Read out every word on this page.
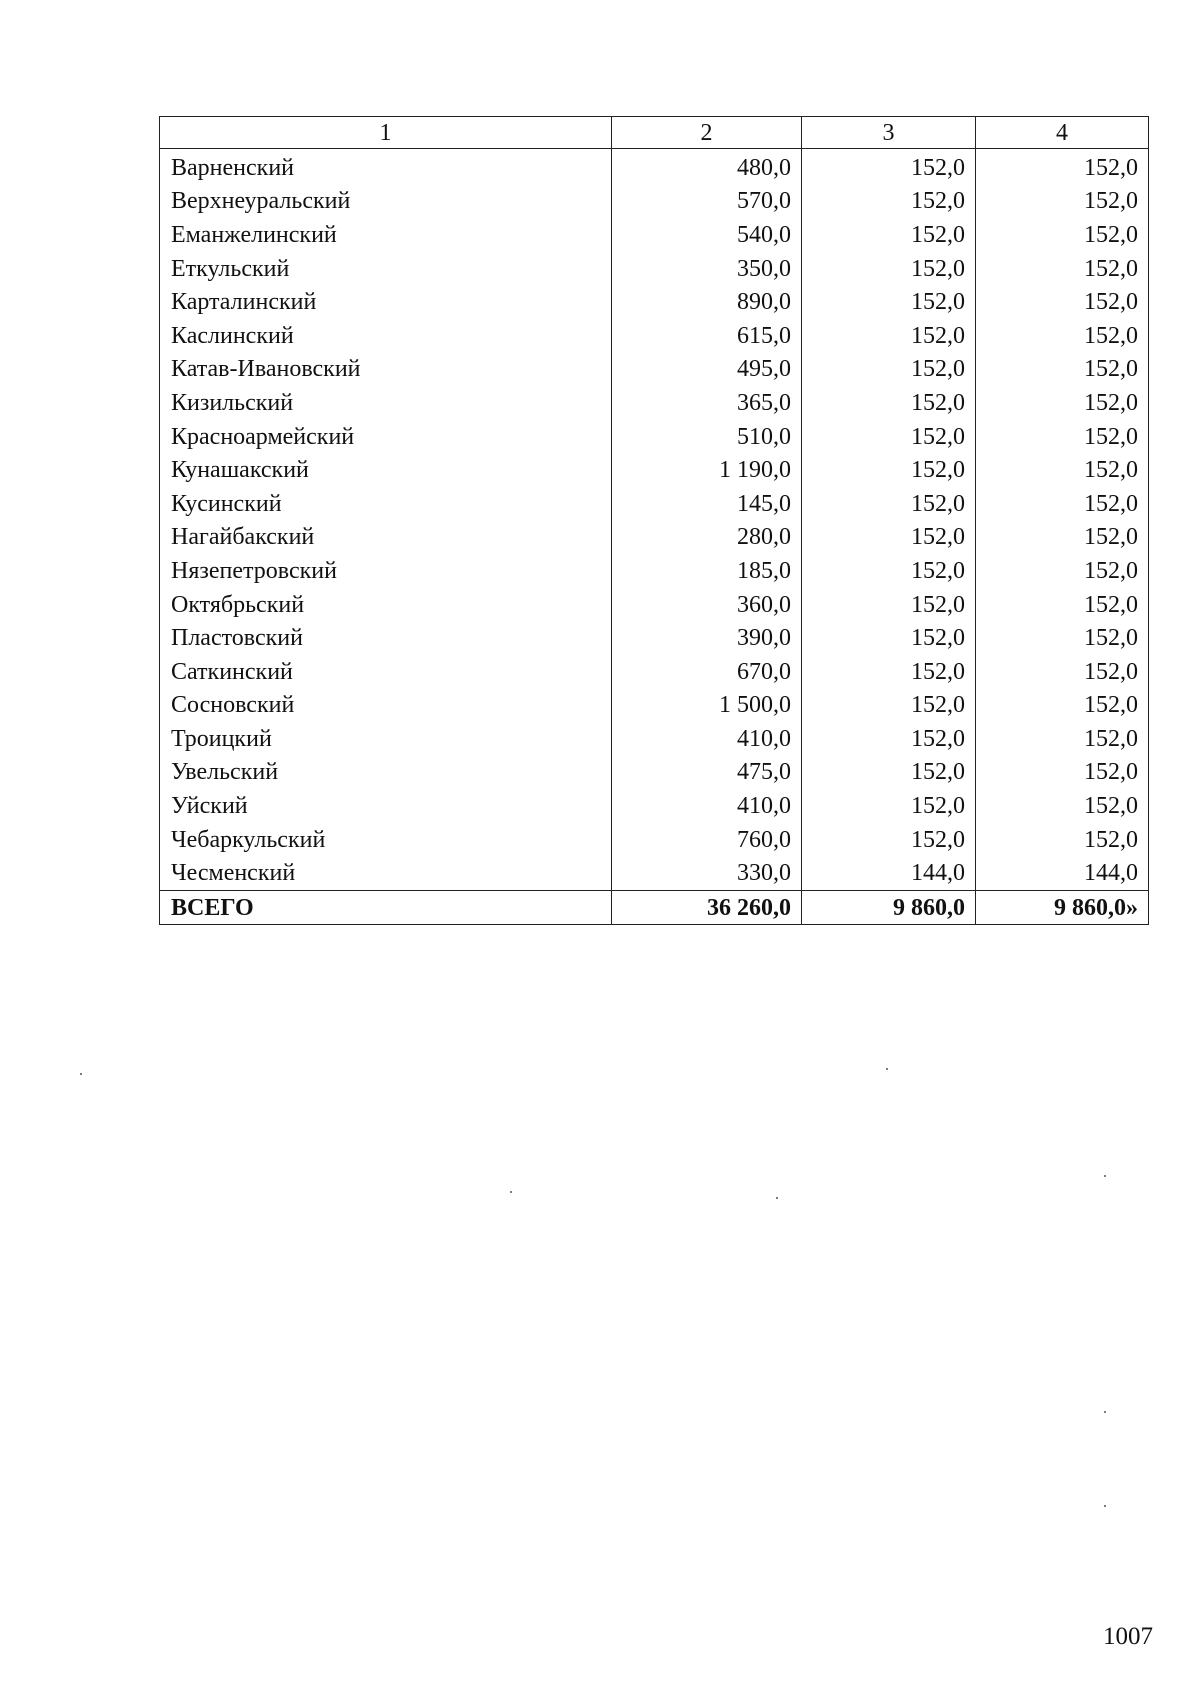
1	2	3	4
Варненский	480,0	152,0	152,0
Верхнеуральский	570,0	152,0	152,0
Еманжелинский	540,0	152,0	152,0
Еткульский	350,0	152,0	152,0
Карталинский	890,0	152,0	152,0
Каслинский	615,0	152,0	152,0
Катав-Ивановский	495,0	152,0	152,0
Кизильский	365,0	152,0	152,0
Красноармейский	510,0	152,0	152,0
Кунашакский	1 190,0	152,0	152,0
Кусинский	145,0	152,0	152,0
Нагайбакский	280,0	152,0	152,0
Нязепетровский	185,0	152,0	152,0
Октябрьский	360,0	152,0	152,0
Пластовский	390,0	152,0	152,0
Саткинский	670,0	152,0	152,0
Сосновский	1 500,0	152,0	152,0
Троицкий	410,0	152,0	152,0
Увельский	475,0	152,0	152,0
Уйский	410,0	152,0	152,0
Чебаркульский	760,0	152,0	152,0
Чесменский	330,0	144,0	144,0
ВСЕГО	36 260,0	9 860,0	9 860,0»
1007
